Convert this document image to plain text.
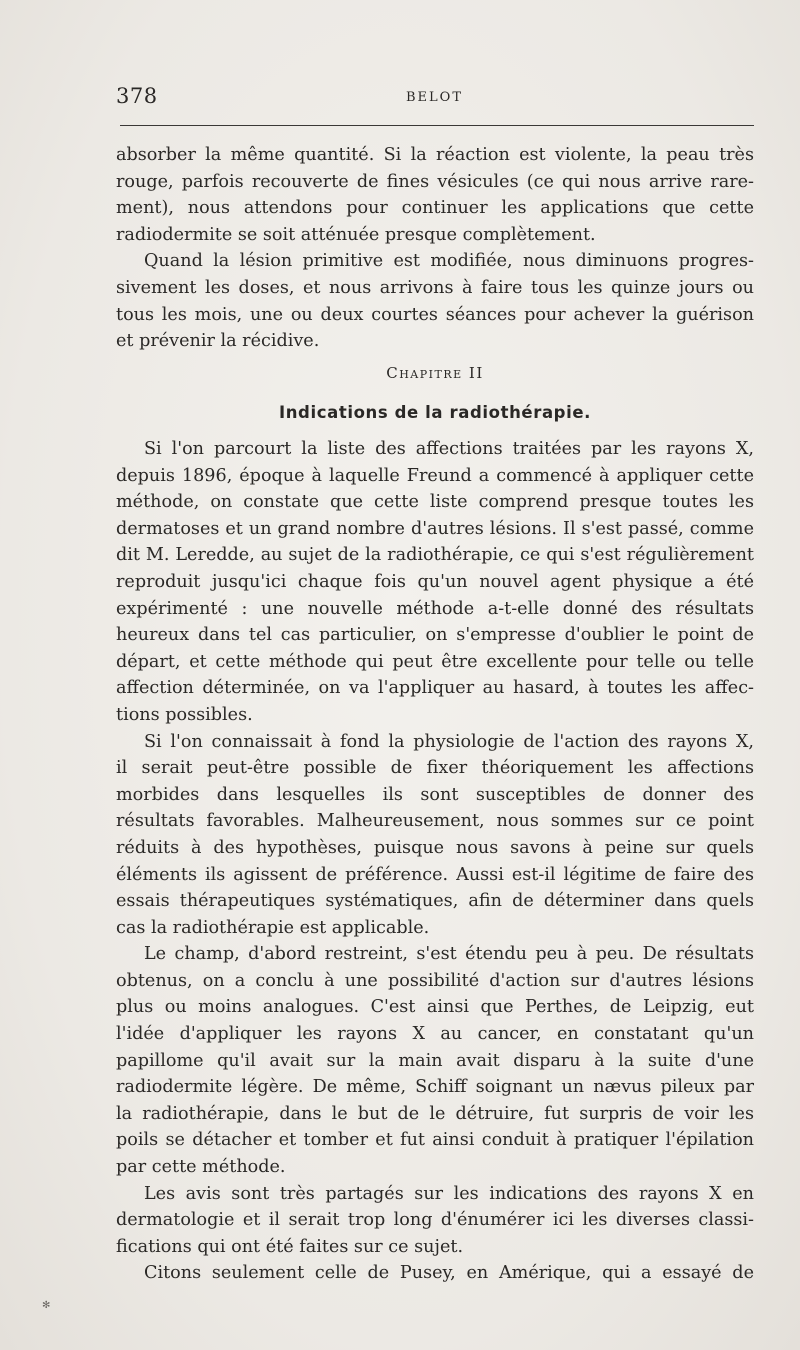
378	BELOT
absorber la même quantité. Si la réaction est violente, la peau très
rouge, parfois recouverte de fines vésicules (ce qui nous arrive rare-
ment), nous attendons pour continuer les applications que cette
radiodermite se soit atténuée presque complètement.
Quand la lésion primitive est modifiée, nous diminuons progres-
sivement les doses, et nous arrivons à faire tous les quinze jours ou
tous les mois, une ou deux courtes séances pour achever la guérison
et prévenir la récidive.
Chapitre II
Indications de la radiothérapie.
Si l'on parcourt la liste des affections traitées par les rayons X,
depuis 1896, époque à laquelle Freund a commencé à appliquer cette
méthode, on constate que cette liste comprend presque toutes les
dermatoses et un grand nombre d'autres lésions. Il s'est passé, comme
dit M. Leredde, au sujet de la radiothérapie, ce qui s'est régulièrement
reproduit jusqu'ici chaque fois qu'un nouvel agent physique a été
expérimenté : une nouvelle méthode a-t-elle donné des résultats
heureux dans tel cas particulier, on s'empresse d'oublier le point de
départ, et cette méthode qui peut être excellente pour telle ou telle
affection déterminée, on va l'appliquer au hasard, à toutes les affec-
tions possibles.
Si l'on connaissait à fond la physiologie de l'action des rayons X,
il serait peut-être possible de fixer théoriquement les affections
morbides dans lesquelles ils sont susceptibles de donner des
résultats favorables. Malheureusement, nous sommes sur ce point
réduits à des hypothèses, puisque nous savons à peine sur quels
éléments ils agissent de préférence. Aussi est-il légitime de faire des
essais thérapeutiques systématiques, afin de déterminer dans quels
cas la radiothérapie est applicable.
Le champ, d'abord restreint, s'est étendu peu à peu. De résultats
obtenus, on a conclu à une possibilité d'action sur d'autres lésions
plus ou moins analogues. C'est ainsi que Perthes, de Leipzig, eut
l'idée d'appliquer les rayons X au cancer, en constatant qu'un
papillome qu'il avait sur la main avait disparu à la suite d'une
radiodermite légère. De même, Schiff soignant un nævus pileux par
la radiothérapie, dans le but de le détruire, fut surpris de voir les
poils se détacher et tomber et fut ainsi conduit à pratiquer l'épilation
par cette méthode.
Les avis sont très partagés sur les indications des rayons X en
dermatologie et il serait trop long d'énumérer ici les diverses classi-
fications qui ont été faites sur ce sujet.
Citons seulement celle de Pusey, en Amérique, qui a essayé de
✻
